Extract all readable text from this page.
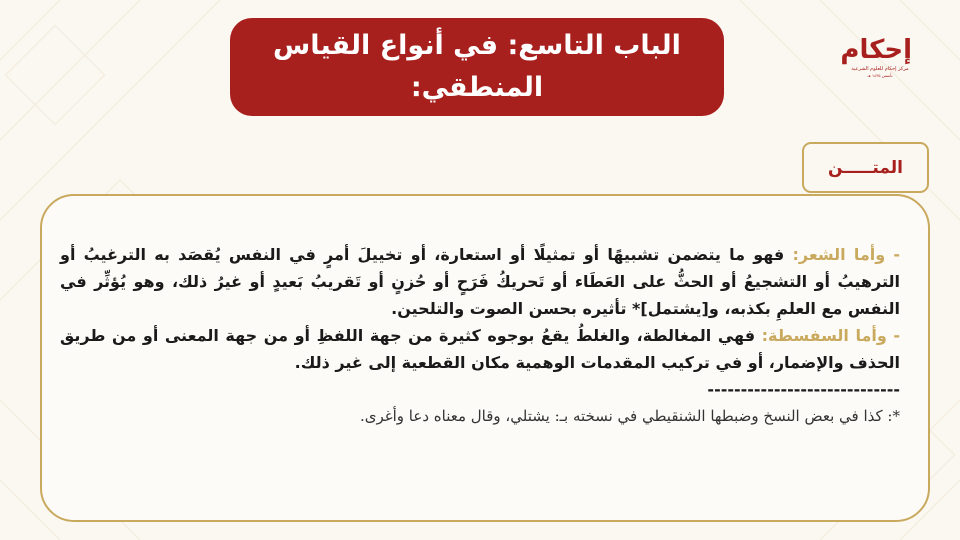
الباب التاسع: في أنواع القياس المنطقي:
إحكام
مركز إحكام للعلوم الشرعية
تأسس ١٤٣٥ هـ
المتـــــن

- وأما الشعر: فهو ما يتضمن تشبيهًا أو تمثيلًا أو استعارة، أو تخييلَ أمرٍ في النفس يُقصَد به الترغيبُ أو الترهيبُ أو التشجيعُ أو الحثُّ على العَطَاء أو تَحريكُ فَرَحٍ أو حُزنٍ أو تَقريبُ بَعيدٍ أو غيرُ ذلك، وهو يُؤثِّر في النفس مع العلمِ بكذبه، و[يشتمل]* تأثيره بحسن الصوت والتلحين.

- وأما السفسطة: فهي المغالطة، والغلطُ يقعُ بوجوه كثيرة من جهة اللفظِ أو من جهة المعنى أو من طريق الحذف والإضمار، أو في تركيب المقدمات الوهمية مكان القطعية إلى غير ذلك.

-----------------------------
*: كذا في بعض النسخ وضبطها الشنقيطي في نسخته بـ: يشتلي، وقال معناه دعا وأغرى.
